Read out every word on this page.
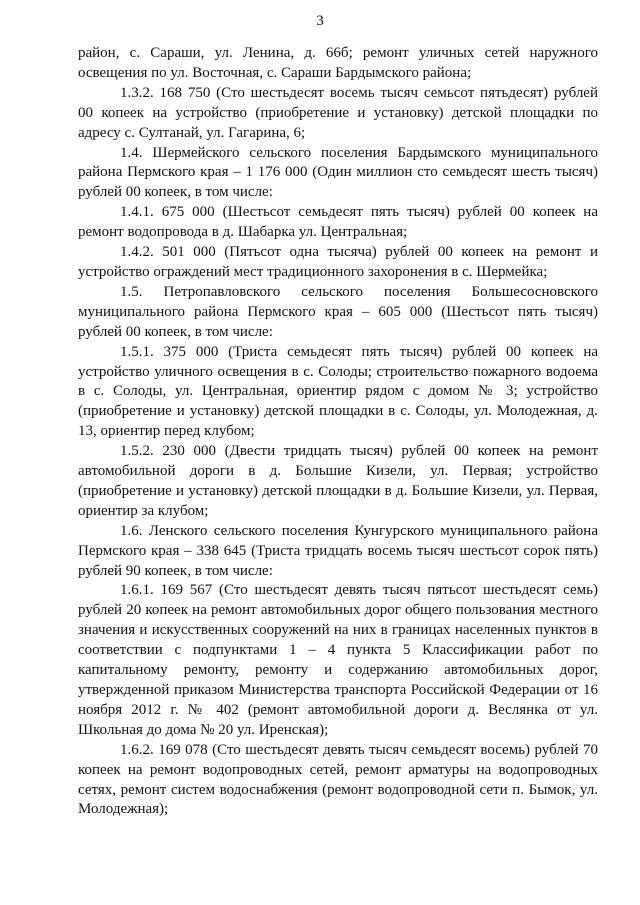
3

район, с. Сараши, ул. Ленина, д. 66б; ремонт уличных сетей наружного освещения по ул. Восточная, с. Сараши Бардымского района;

1.3.2. 168 750 (Сто шестьдесят восемь тысяч семьсот пятьдесят) рублей 00 копеек на устройство (приобретение и установку) детской площадки по адресу с. Султанай, ул. Гагарина, 6;

1.4. Шермейского сельского поселения Бардымского муниципального района Пермского края – 1 176 000 (Один миллион сто семьдесят шесть тысяч) рублей 00 копеек, в том числе:

1.4.1. 675 000 (Шестьсот семьдесят пять тысяч) рублей 00 копеек на ремонт водопровода в д. Шабарка ул. Центральная;

1.4.2. 501 000 (Пятьсот одна тысяча) рублей 00 копеек на ремонт и устройство ограждений мест традиционного захоронения в с. Шермейка;

1.5. Петропавловского сельского поселения Большесосновского муниципального района Пермского края – 605 000 (Шестьсот пять тысяч) рублей 00 копеек, в том числе:

1.5.1. 375 000 (Триста семьдесят пять тысяч) рублей 00 копеек на устройство уличного освещения в с. Солоды; строительство пожарного водоема в с. Солоды, ул. Центральная, ориентир рядом с домом № 3; устройство (приобретение и установку) детской площадки в с. Солоды, ул. Молодежная, д. 13, ориентир перед клубом;

1.5.2. 230 000 (Двести тридцать тысяч) рублей 00 копеек на ремонт автомобильной дороги в д. Большие Кизели, ул. Первая; устройство (приобретение и установку) детской площадки в д. Большие Кизели, ул. Первая, ориентир за клубом;

1.6. Ленского сельского поселения Кунгурского муниципального района Пермского края – 338 645 (Триста тридцать восемь тысяч шестьсот сорок пять) рублей 90 копеек, в том числе:

1.6.1. 169 567 (Сто шестьдесят девять тысяч пятьсот шестьдесят семь) рублей 20 копеек на ремонт автомобильных дорог общего пользования местного значения и искусственных сооружений на них в границах населенных пунктов в соответствии с подпунктами 1 – 4 пункта 5 Классификации работ по капитальному ремонту, ремонту и содержанию автомобильных дорог, утвержденной приказом Министерства транспорта Российской Федерации от 16 ноября 2012 г. № 402 (ремонт автомобильной дороги д. Веслянка от ул. Школьная до дома № 20 ул. Иренская);

1.6.2. 169 078 (Сто шестьдесят девять тысяч семьдесят восемь) рублей 70 копеек на ремонт водопроводных сетей, ремонт арматуры на водопроводных сетях, ремонт систем водоснабжения (ремонт водопроводной сети п. Бымок, ул. Молодежная);
